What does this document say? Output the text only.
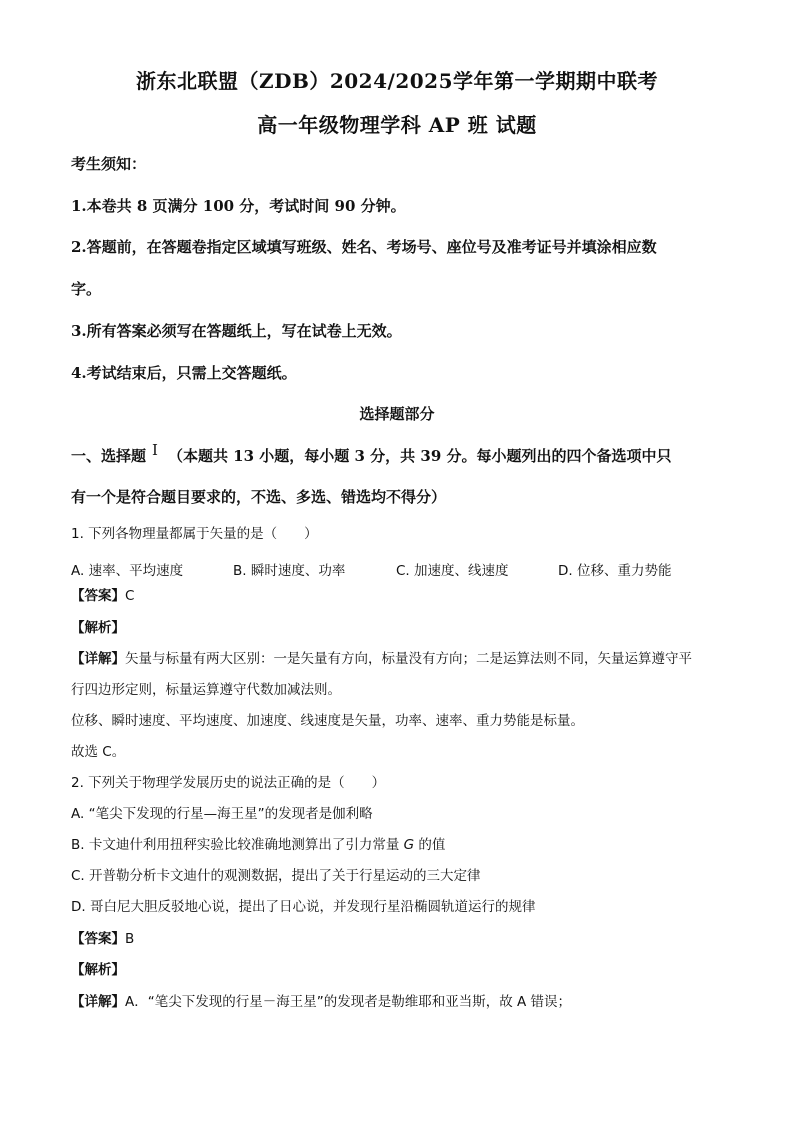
浙东北联盟（ZDB）2024/2025学年第一学期期中联考
高一年级物理学科 AP 班 试题
考生须知：
1.本卷共 8 页满分 100 分，考试时间 90 分钟。
2.答题前，在答题卷指定区域填写班级、姓名、考场号、座位号及准考证号并填涂相应数
字。
3.所有答案必须写在答题纸上，写在试卷上无效。
4.考试结束后，只需上交答题纸。
选择题部分
一、选择题 Ⅰ （本题共 13 小题，每小题 3 分，共 39 分。每小题列出的四个备选项中只
有一个是符合题目要求的，不选、多选、错选均不得分）
1. 下列各物理量都属于矢量的是（　　）
A. 速率、平均速度	B. 瞬时速度、功率	C. 加速度、线速度	D. 位移、重力势能
【答案】C
【解析】
【详解】矢量与标量有两大区别：一是矢量有方向，标量没有方向；二是运算法则不同，矢量运算遵守平
行四边形定则，标量运算遵守代数加减法则。
位移、瞬时速度、平均速度、加速度、线速度是矢量，功率、速率、重力势能是标量。
故选 C。
2. 下列关于物理学发展历史的说法正确的是（　　）
A. “笔尖下发现的行星—海王星”的发现者是伽利略
B. 卡文迪什利用扭秤实验比较准确地测算出了引力常量 G 的值
C. 开普勒分析卡文迪什的观测数据，提出了关于行星运动的三大定律
D. 哥白尼大胆反驳地心说，提出了日心说，并发现行星沿椭圆轨道运行的规律
【答案】B
【解析】
【详解】A．“笔尖下发现的行星－海王星”的发现者是勒维耶和亚当斯，故 A 错误；
